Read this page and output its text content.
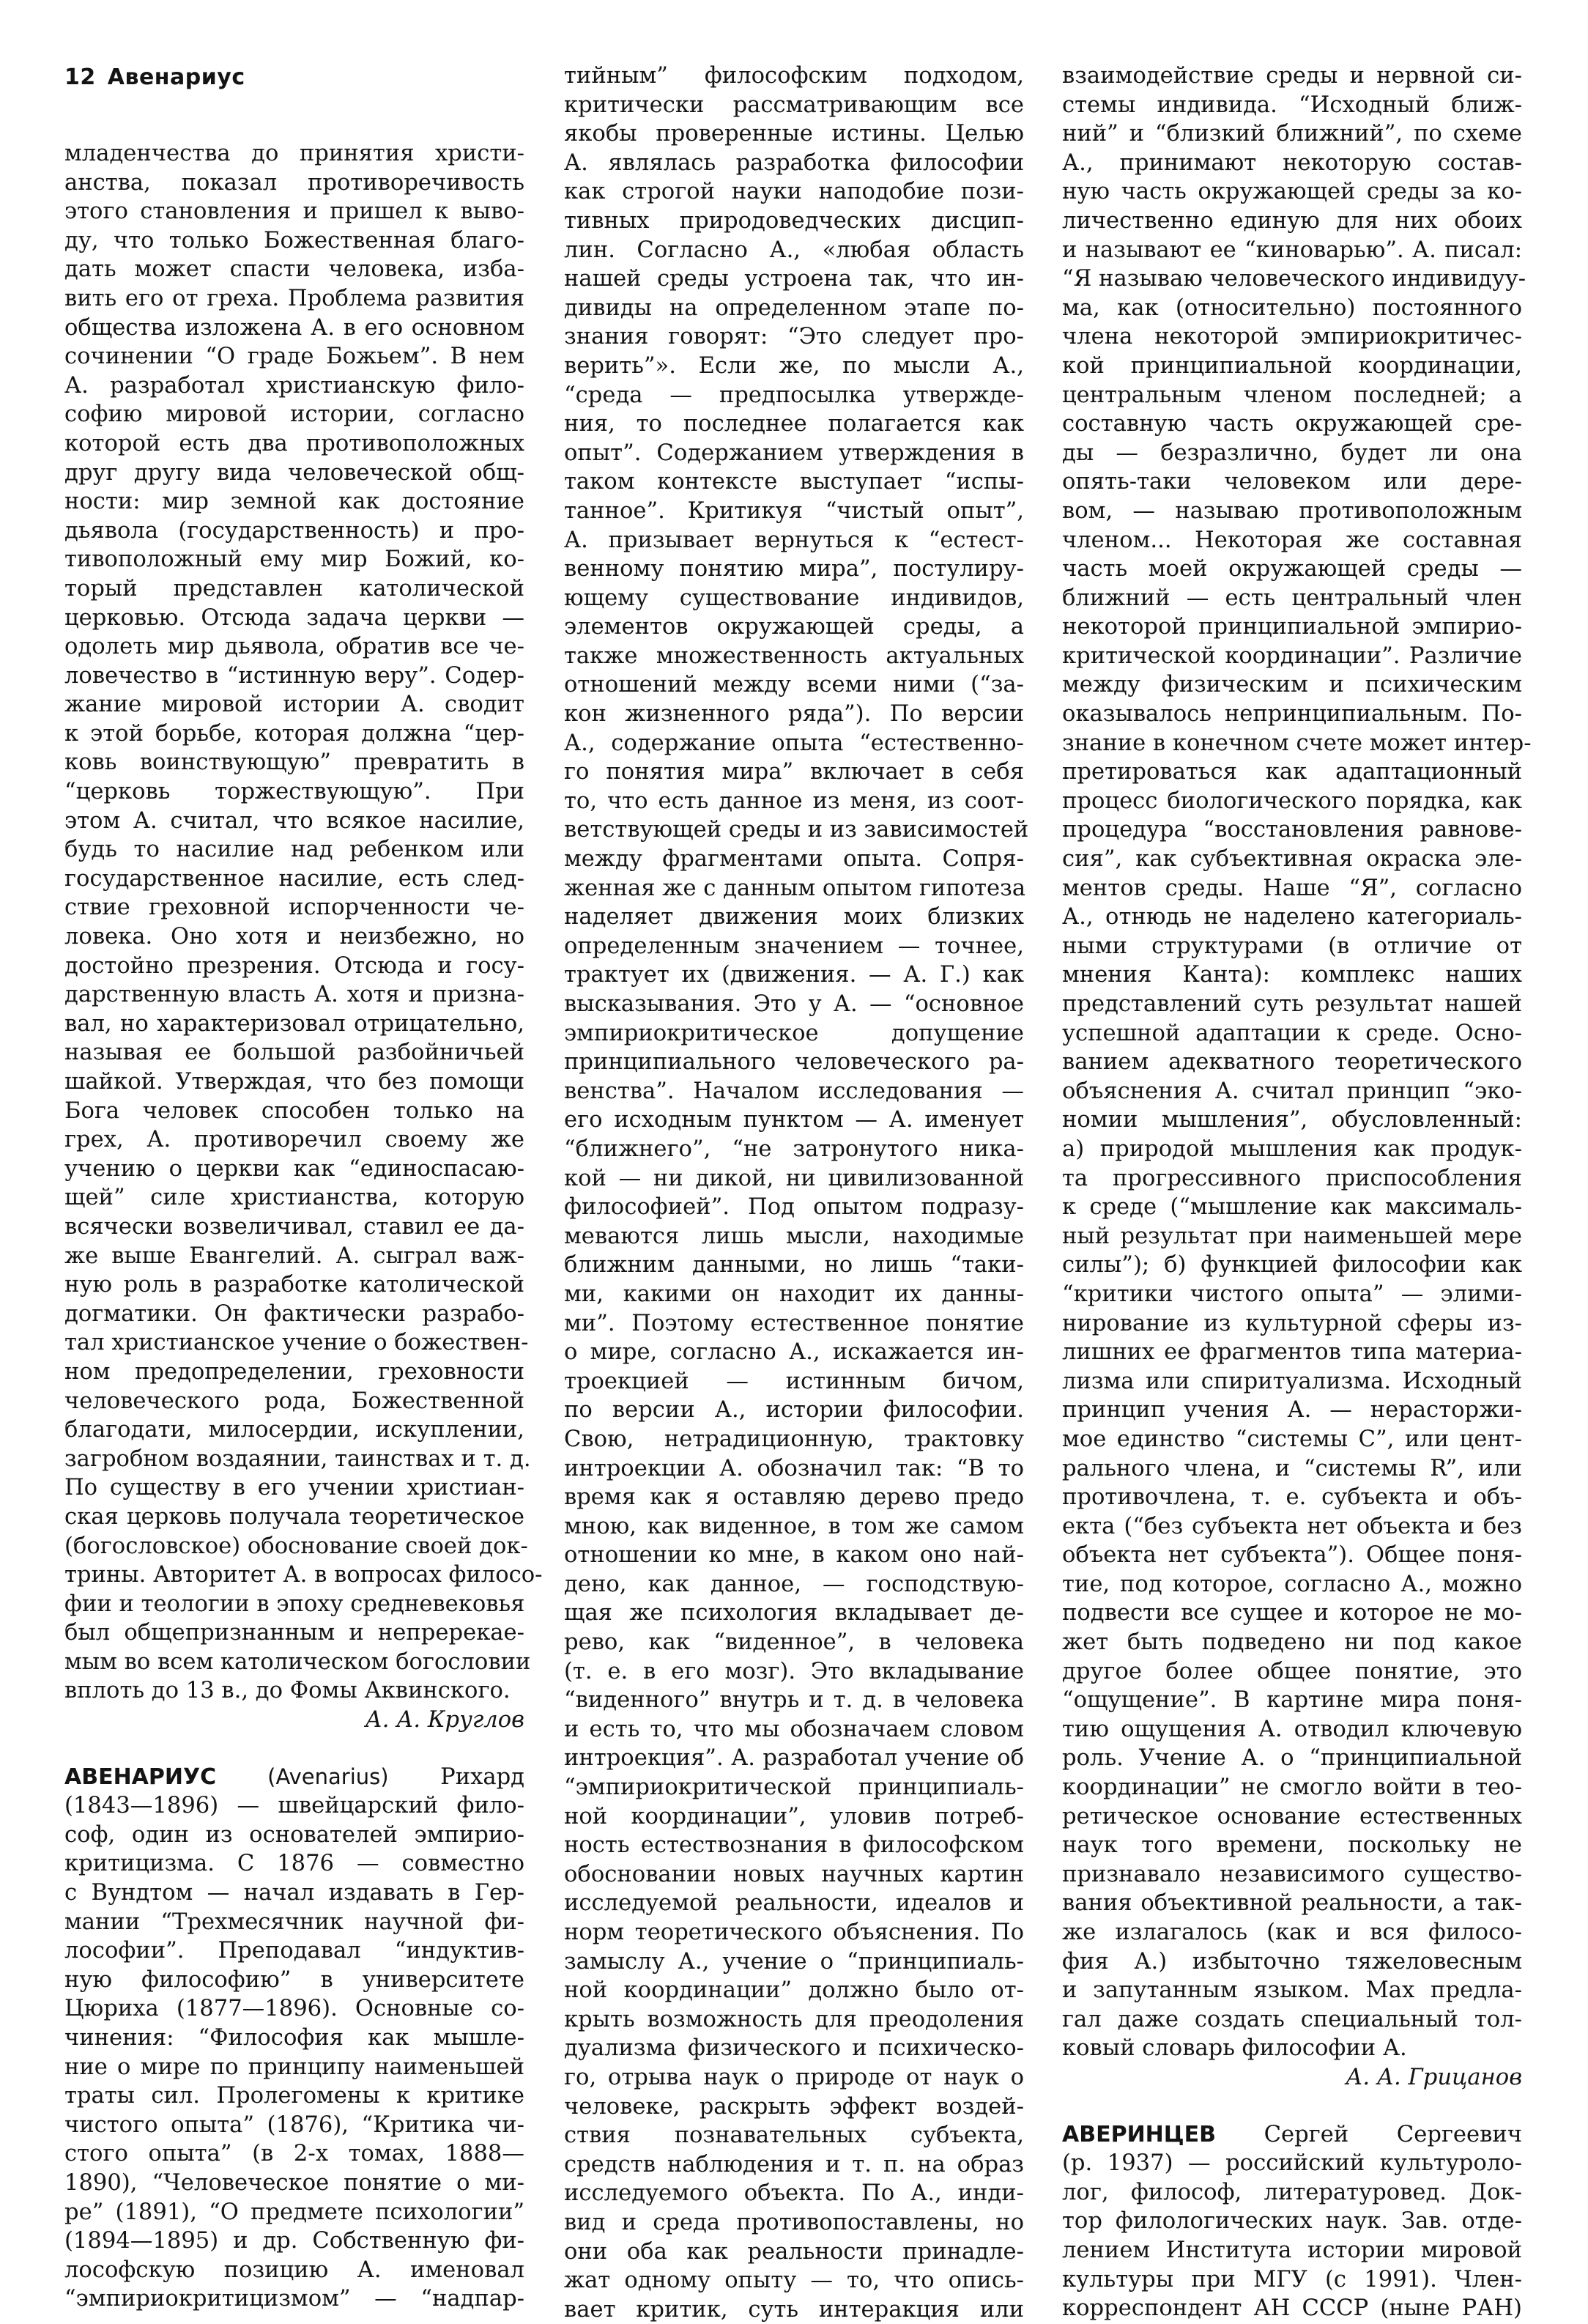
12 Авенариус
младенчества до принятия христи-
анства, показал противоречивость
этого становления и пришел к выво-
ду, что только Божественная благо-
дать может спасти человека, изба-
вить его от греха. Проблема развития
общества изложена А. в его основном
сочинении “О граде Божьем”. В нем
А. разработал христианскую фило-
софию мировой истории, согласно
которой есть два противоположных
друг другу вида человеческой общ-
ности: мир земной как достояние
дьявола (государственность) и про-
тивоположный ему мир Божий, ко-
торый представлен католической
церковью. Отсюда задача церкви —
одолеть мир дьявола, обратив все че-
ловечество в “истинную веру”. Содер-
жание мировой истории А. сводит
к этой борьбе, которая должна “цер-
ковь воинствующую” превратить в
“церковь торжествующую”. При
этом А. считал, что всякое насилие,
будь то насилие над ребенком или
государственное насилие, есть след-
ствие греховной испорченности че-
ловека. Оно хотя и неизбежно, но
достойно презрения. Отсюда и госу-
дарственную власть А. хотя и призна-
вал, но характеризовал отрицательно,
называя ее большой разбойничьей
шайкой. Утверждая, что без помощи
Бога человек способен только на
грех, А. противоречил своему же
учению о церкви как “единоспасаю-
щей” силе христианства, которую
всячески возвеличивал, ставил ее да-
же выше Евангелий. А. сыграл важ-
ную роль в разработке католической
догматики. Он фактически разрабо-
тал христианское учение о божествен-
ном предопределении, греховности
человеческого рода, Божественной
благодати, милосердии, искуплении,
загробном воздаянии, таинствах и т. д.
По существу в его учении христиан-
ская церковь получала теоретическое
(богословское) обоснование своей док-
трины. Авторитет А. в вопросах филосо-
фии и теологии в эпоху средневековья
был общепризнанным и непререкае-
мым во всем католическом богословии
вплоть до 13 в., до Фомы Аквинского.
А. А. Круглов
АВЕНАРИУС (Avenarius) Рихард
(1843—1896) — швейцарский фило-
соф, один из основателей эмпирио-
критицизма. С 1876 — совместно
с Вундтом — начал издавать в Гер-
мании “Трехмесячник научной фи-
лософии”. Преподавал “индуктив-
ную философию” в университете
Цюриха (1877—1896). Основные со-
чинения: “Философия как мышле-
ние о мире по принципу наименьшей
траты сил. Пролегомены к критике
чистого опыта” (1876), “Критика чи-
стого опыта” (в 2-х томах, 1888—
1890), “Человеческое понятие о ми-
ре” (1891), “О предмете психологии”
(1894—1895) и др. Собственную фи-
лософскую позицию А. именовал
“эмпириокритицизмом” — “надпар-
тийным” философским подходом,
критически рассматривающим все
якобы проверенные истины. Целью
А. являлась разработка философии
как строгой науки наподобие пози-
тивных природоведческих дисцип-
лин. Согласно А., «любая область
нашей среды устроена так, что ин-
дивиды на определенном этапе по-
знания говорят: “Это следует про-
верить”». Если же, по мысли А.,
“среда — предпосылка утвержде-
ния, то последнее полагается как
опыт”. Содержанием утверждения в
таком контексте выступает “испы-
танное”. Критикуя “чистый опыт”,
А. призывает вернуться к “естест-
венному понятию мира”, постулиру-
ющему существование индивидов,
элементов окружающей среды, а
также множественность актуальных
отношений между всеми ними (“за-
кон жизненного ряда”). По версии
А., содержание опыта “естественно-
го понятия мира” включает в себя
то, что есть данное из меня, из соот-
ветствующей среды и из зависимостей
между фрагментами опыта. Сопря-
женная же с данным опытом гипотеза
наделяет движения моих близких
определенным значением — точнее,
трактует их (движения. — А. Г.) как
высказывания. Это у А. — “основное
эмпириокритическое допущение
принципиального человеческого ра-
венства”. Началом исследования —
его исходным пунктом — А. именует
“ближнего”, “не затронутого ника-
кой — ни дикой, ни цивилизованной
философией”. Под опытом подразу-
меваются лишь мысли, находимые
ближним данными, но лишь “таки-
ми, какими он находит их данны-
ми”. Поэтому естественное понятие
о мире, согласно А., искажается ин-
троекцией — истинным бичом,
по версии А., истории философии.
Свою, нетрадиционную, трактовку
интроекции А. обозначил так: “В то
время как я оставляю дерево предо
мною, как виденное, в том же самом
отношении ко мне, в каком оно най-
дено, как данное, — господствую-
щая же психология вкладывает де-
рево, как “виденное”, в человека
(т. е. в его мозг). Это вкладывание
“виденного” внутрь и т. д. в человека
и есть то, что мы обозначаем словом
интроекция”. А. разработал учение об
“эмпириокритической принципиаль-
ной координации”, уловив потреб-
ность естествознания в философском
обосновании новых научных картин
исследуемой реальности, идеалов и
норм теоретического объяснения. По
замыслу А., учение о “принципиаль-
ной координации” должно было от-
крыть возможность для преодоления
дуализма физического и психическо-
го, отрыва наук о природе от наук о
человеке, раскрыть эффект воздей-
ствия познавательных субъекта,
средств наблюдения и т. п. на образ
исследуемого объекта. По А., инди-
вид и среда противопоставлены, но
они оба как реальности принадле-
жат одному опыту — то, что опись-
вает критик, суть интеракция или
взаимодействие среды и нервной си-
стемы индивида. “Исходный ближ-
ний” и “близкий ближний”, по схеме
А., принимают некоторую состав-
ную часть окружающей среды за ко-
личественно единую для них обоих
и называют ее “киноварью”. А. писал:
“Я называю человеческого индивидуу-
ма, как (относительно) постоянного
члена некоторой эмпириокритичес-
кой принципиальной координации,
центральным членом последней; а
составную часть окружающей сре-
ды — безразлично, будет ли она
опять-таки человеком или дере-
вом, — называю противоположным
членом... Некоторая же составная
часть моей окружающей среды —
ближний — есть центральный член
некоторой принципиальной эмпирио-
критической координации”. Различие
между физическим и психическим
оказывалось непринципиальным. По-
знание в конечном счете может интер-
претироваться как адаптационный
процесс биологического порядка, как
процедура “восстановления равнове-
сия”, как субъективная окраска эле-
ментов среды. Наше “Я”, согласно
А., отнюдь не наделено категориаль-
ными структурами (в отличие от
мнения Канта): комплекс наших
представлений суть результат нашей
успешной адаптации к среде. Осно-
ванием адекватного теоретического
объяснения А. считал принцип “эко-
номии мышления”, обусловленный:
а) природой мышления как продук-
та прогрессивного приспособления
к среде (“мышление как максималь-
ный результат при наименьшей мере
силы”); б) функцией философии как
“критики чистого опыта” — элими-
нирование из культурной сферы из-
лишних ее фрагментов типа материа-
лизма или спиритуализма. Исходный
принцип учения А. — нерасторжи-
мое единство “системы С”, или цент-
рального члена, и “системы R”, или
противочлена, т. е. субъекта и объ-
екта (“без субъекта нет объекта и без
объекта нет субъекта”). Общее поня-
тие, под которое, согласно А., можно
подвести все сущее и которое не мо-
жет быть подведено ни под какое
другое более общее понятие, это
“ощущение”. В картине мира поня-
тию ощущения А. отводил ключевую
роль. Учение А. о “принципиальной
координации” не смогло войти в тео-
ретическое основание естественных
наук того времени, поскольку не
признавало независимого существо-
вания объективной реальности, а так-
же излагалось (как и вся филосо-
фия А.) избыточно тяжеловесным
и запутанным языком. Мах предла-
гал даже создать специальный тол-
ковый словарь философии А.
А. А. Грицанов
АВЕРИНЦЕВ Сергей Сергеевич
(р. 1937) — российский культуроло-
лог, философ, литературовед. Док-
тор филологических наук. Зав. отде-
лением Института истории мировой
культуры при МГУ (с 1991). Член-
корреспондент АН СССР (ныне РАН)
